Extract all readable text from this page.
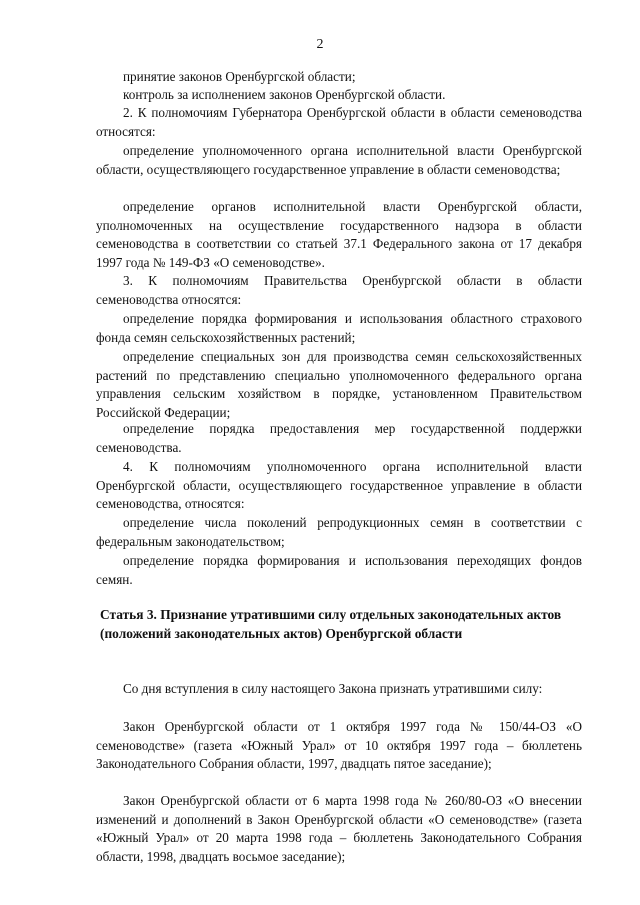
2

принятие законов Оренбургской области;

контроль за исполнением законов Оренбургской области.

2. К полномочиям Губернатора Оренбургской области в области семеноводства относятся:

определение уполномоченного органа исполнительной власти Оренбургской области, осуществляющего государственное управление в области семеноводства;

определение органов исполнительной власти Оренбургской области, уполномоченных на осуществление государственного надзора в области семеноводства в соответствии со статьей 37.1 Федерального закона от 17 декабря 1997 года № 149-ФЗ «О семеноводстве».

3. К полномочиям Правительства Оренбургской области в области семеноводства относятся:

определение порядка формирования и использования областного страхового фонда семян сельскохозяйственных растений;

определение специальных зон для производства семян сельскохозяйственных растений по представлению специально уполномоченного федерального органа управления сельским хозяйством в порядке, установленном Правительством Российской Федерации;

определение порядка предоставления мер государственной поддержки семеноводства.

4. К полномочиям уполномоченного органа исполнительной власти Оренбургской области, осуществляющего государственное управление в области семеноводства, относятся:

определение числа поколений репродукционных семян в соответствии с федеральным законодательством;

определение порядка формирования и использования переходящих фондов семян.

Статья 3. Признание утратившими силу отдельных законодательных актов (положений законодательных актов) Оренбургской области

Со дня вступления в силу настоящего Закона признать утратившими силу:

Закон Оренбургской области от 1 октября 1997 года № 150/44-ОЗ «О семеноводстве» (газета «Южный Урал» от 10 октября 1997 года – бюллетень Законодательного Собрания области, 1997, двадцать пятое заседание);

Закон Оренбургской области от 6 марта 1998 года № 260/80-ОЗ «О внесении изменений и дополнений в Закон Оренбургской области «О семеноводстве» (газета «Южный Урал» от 20 марта 1998 года – бюллетень Законодательного Собрания области, 1998, двадцать восьмое заседание);
